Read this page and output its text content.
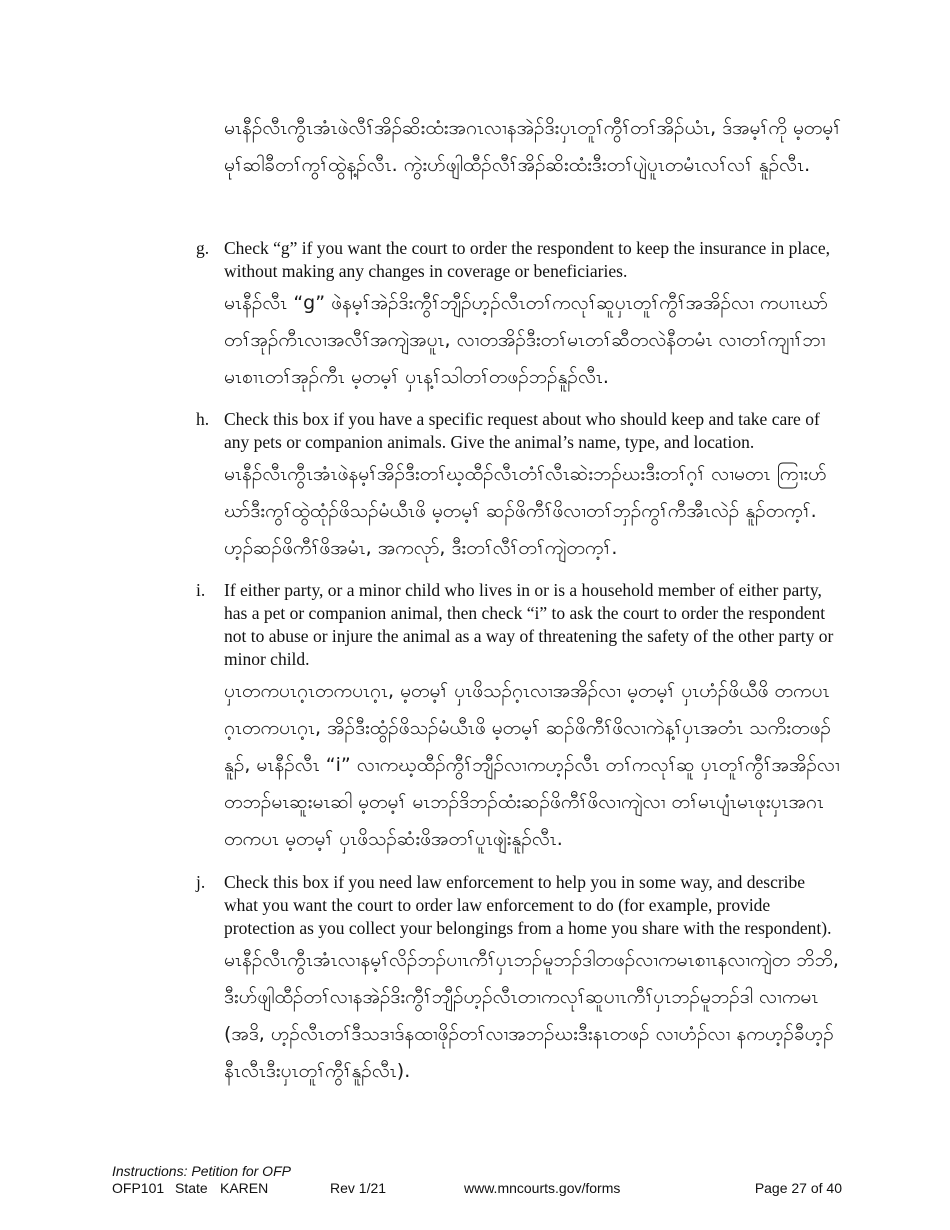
မၤနီၣ်လီၤကွီၤအံၤဖဲလီၢ်အိၣ်ဆိးထံးအဂၤလၢနအဲၣ်ဒိးပှၤတူၢ်ကွီၢ်တၢ်အိၣ်ယံၤ, ဒ်အမ့ၢ်ကို မ့တမ့ၢ် မုၢ်ဆါခီတၢ်ကွၢ်ထွဲန့ၣ်လီၤ. ကွဲးဟ်ဖျါထီၣ်လီၢ်အိၣ်ဆိးထံးဒီးတၢ်ပျဲပူၤတမံၤလၢ်လၢ် နူၣ်လီၤ.
g. Check “g” if you want the court to order the respondent to keep the insurance in place, without making any changes in coverage or beneficiaries.
မၤနီၣ်လီၤ “g” ဖဲနမ့ၢ်အဲၣ်ဒိးကွီၢ်ဘျီၣ်ဟ့ၣ်လီၤတၢ်ကလုၢ်ဆူပှၤတူၢ်ကွီၢ်အအိၣ်လၢ ကပၢၤဃာ်တၢ်အုၣ်ကီၤလၢအလီၢ်အကျဲအပူၤ, လၢတအိၣ်ဒီးတၢ်မၤတၢ်ဆီတလဲနီတမံၤ လၢတၢ်ကျၢၢ်ဘၢမၤစၢၤတၢ်အုၣ်ကီၤ မ့တမ့ၢ် ပှၤန့ၢ်သါတၢ်တဖၣ်ဘၣ်နူၣ်လီၤ.
h. Check this box if you have a specific request about who should keep and take care of any pets or companion animals. Give the animal’s name, type, and location.
မၤနီၣ်လီၤကွီၤအံၤဖဲနမ့ၢ်အိၣ်ဒီးတၢ်ဃ့ထီၣ်လီၤတံၢ်လီၤဆဲးဘၣ်ဃးဒီးတၢ်ဂ့ၢ် လၢမတၤ ကြၢးဟ်ဃာ်ဒီးကွၢ်ထွဲထုံၣ်ဖိသၣ်မံယီၤဖိ မ့တမ့ၢ် ဆၣ်ဖိကီၢ်ဖိလၢတၢ်ဘှၣ်ကွၢ်ကီအီၤလဲၣ် နူၣ်တက့ၢ်. ဟ့ၣ်ဆၣ်ဖိကီၢ်ဖိအမံၤ, အကလုာ်, ဒီးတၢ်လီၢ်တၢ်ကျဲတက့ၢ်.
i. If either party, or a minor child who lives in or is a household member of either party, has a pet or companion animal, then check “i” to ask the court to order the respondent not to abuse or injure the animal as a way of threatening the safety of the other party or minor child.
ပှၤတကပၤဂ့ၤတကပၤဂ့ၤ, မ့တမ့ၢ် ပှၤဖိသၣ်ဂ့ၤလၢအအိၣ်လၢ မ့တမ့ၢ် ပှၤဟံၣ်ဖိယီဖိ တကပၤဂ့ၤတကပၤဂ့ၤ, အိၣ်ဒီးထွံၣ်ဖိသၣ်မံယီၤဖိ မ့တမ့ၢ် ဆၣ်ဖိကီၢ်ဖိလၢကဲန့ၢ်ပှၤအတံၤ သကိးတဖၣ်နူၣ်, မၤနီၣ်လီၤ “i” လၢကဃ့ထီၣ်ကွီၢ်ဘျီၣ်လၢကဟ့ၣ်လီၤ တၢ်ကလုၢ်ဆူ ပှၤတူၢ်ကွီၢ်အအိၣ်လၢတဘၣ်မၤဆူးမၤဆါ မ့တမ့ၢ် မၤဘၣ်ဒိဘၣ်ထံးဆၣ်ဖိကီၢ်ဖိလၢကျဲလၢ တၢ်မၤပျံၤမၤဖုးပှၤအဂၤတကပၤ မ့တမ့ၢ် ပှၤဖိသၣ်ဆံးဖိအတၢ်ပူၤဖျဲးနူၣ်လီၤ.
j. Check this box if you need law enforcement to help you in some way, and describe what you want the court to order law enforcement to do (for example, provide protection as you collect your belongings from a home you share with the respondent).
မၤနီၣ်လီၤကွီၤအံၤလၢနမ့ၢ်လိၣ်ဘၣ်ပၢၤကီၢ်ပှၤဘၣ်မူဘၣ်ဒါတဖၣ်လၢကမၤစၢၤနလၢကျဲတ ဘိဘိ, ဒီးဟ်ဖျါထီၣ်တၢ်လၢနအဲၣ်ဒိးကွီၢ်ဘျီၣ်ဟ့ၣ်လီၤတၢကလုၢ်ဆူပၢၤကီၢ်ပှၤဘၣ်မူဘၣ်ဒါ လၢကမၤ (အဒိ, ဟ့ၣ်လီၤတၢ်ဒီသဒၢဒ်နထၢဖိုၣ်တၢ်လၢအဘၣ်ဃးဒီးနၤတဖၣ် လၢဟံၣ်လၢ နကဟ့ၣ်ခီဟ့ၣ်နီၤလီၤဒီးပှၤတူၢ်ကွီၢ်နူၣ်လီၤ).
Instructions: Petition for OFP
OFP101 State KAREN	Rev 1/21	www.mncourts.gov/forms	Page 27 of 40
